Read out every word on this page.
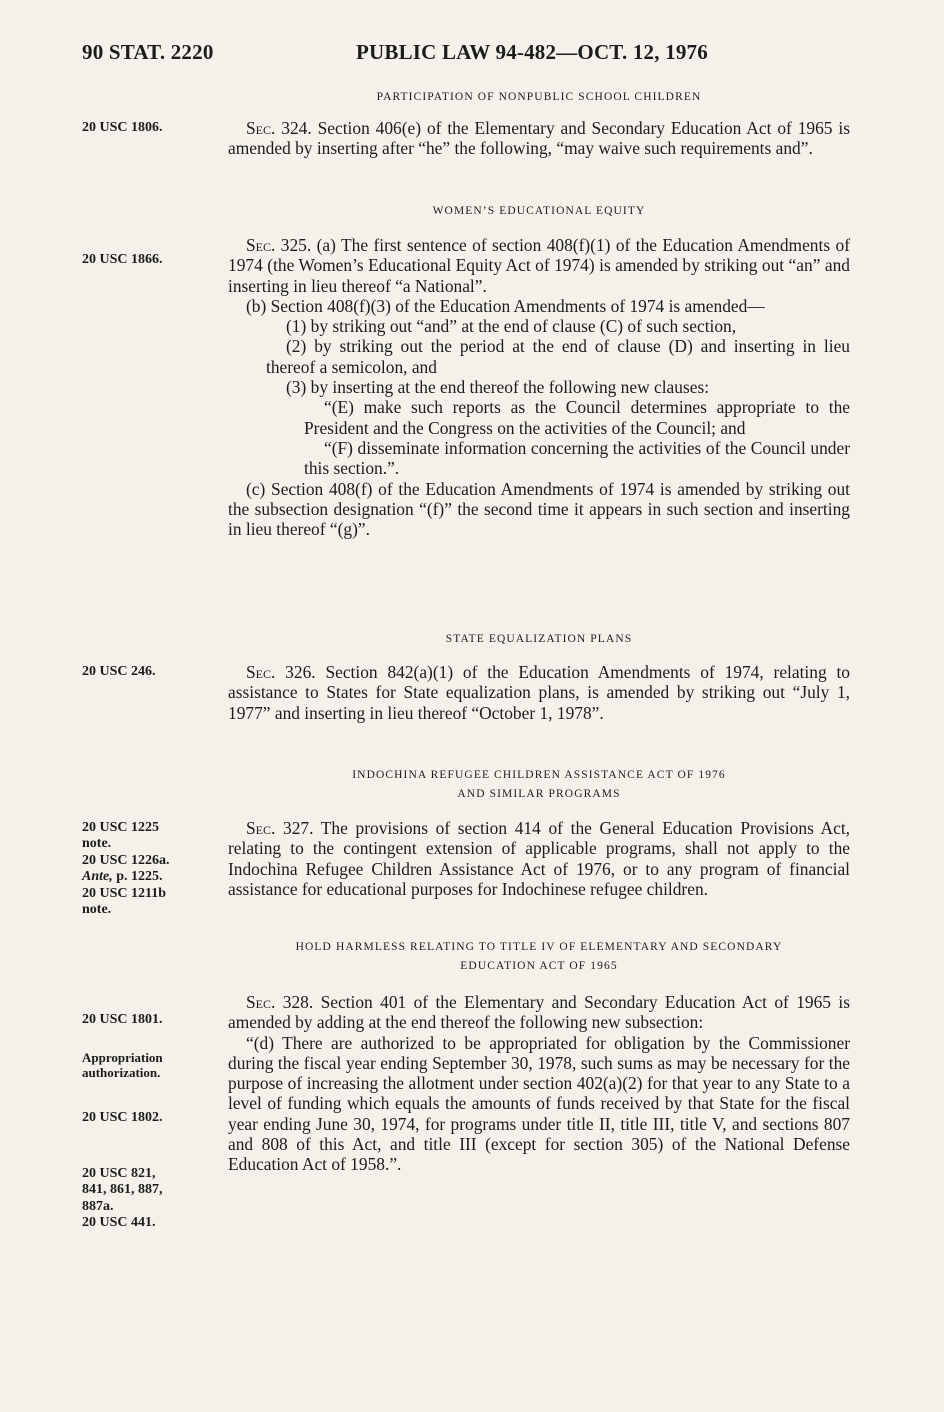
90 STAT. 2220	PUBLIC LAW 94-482—OCT. 12, 1976
PARTICIPATION OF NONPUBLIC SCHOOL CHILDREN
20 USC 1806.	Sec. 324. Section 406(e) of the Elementary and Secondary Education Act of 1965 is amended by inserting after “he” the following, “may waive such requirements and”.

WOMEN’S EDUCATIONAL EQUITY
20 USC 1866.

Sec. 325. (a) The first sentence of section 408(f)(1) of the Education Amendments of 1974 (the Women’s Educational Equity Act of 1974) is amended by striking out “an” and inserting in lieu thereof “a National”.

(b) Section 408(f)(3) of the Education Amendments of 1974 is amended—

(1) by striking out “and” at the end of clause (C) of such section,

(2) by striking out the period at the end of clause (D) and inserting in lieu thereof a semicolon, and

(3) by inserting at the end thereof the following new clauses:

“(E) make such reports as the Council determines appropriate to the President and the Congress on the activities of the Council; and

“(F) disseminate information concerning the activities of the Council under this section.”.

(c) Section 408(f) of the Education Amendments of 1974 is amended by striking out the subsection designation “(f)” the second time it appears in such section and inserting in lieu thereof “(g)”.

STATE EQUALIZATION PLANS
20 USC 246.	Sec. 326. Section 842(a)(1) of the Education Amendments of 1974, relating to assistance to States for State equalization plans, is amended by striking out “July 1, 1977” and inserting in lieu thereof “October 1, 1978”.

INDOCHINA REFUGEE CHILDREN ASSISTANCE ACT OF 1976
AND SIMILAR PROGRAMS
20 USC 1225
note.
20 USC 1226a.
Ante, p. 1225.
20 USC 1211b
note.

Sec. 327. The provisions of section 414 of the General Education Provisions Act, relating to the contingent extension of applicable programs, shall not apply to the Indochina Refugee Children Assistance Act of 1976, or to any program of financial assistance for educational purposes for Indochinese refugee children.

HOLD HARMLESS RELATING TO TITLE IV OF ELEMENTARY AND SECONDARY
EDUCATION ACT OF 1965
20 USC 1801.
Appropriation
authorization.
20 USC 1802.
20 USC 821,
841, 861, 887,
887a.
20 USC 441.

Sec. 328. Section 401 of the Elementary and Secondary Education Act of 1965 is amended by adding at the end thereof the following new subsection:

“(d) There are authorized to be appropriated for obligation by the Commissioner during the fiscal year ending September 30, 1978, such sums as may be necessary for the purpose of increasing the allotment under section 402(a)(2) for that year to any State to a level of funding which equals the amounts of funds received by that State for the fiscal year ending June 30, 1974, for programs under title II, title III, title V, and sections 807 and 808 of this Act, and title III (except for section 305) of the National Defense Education Act of 1958.”.
